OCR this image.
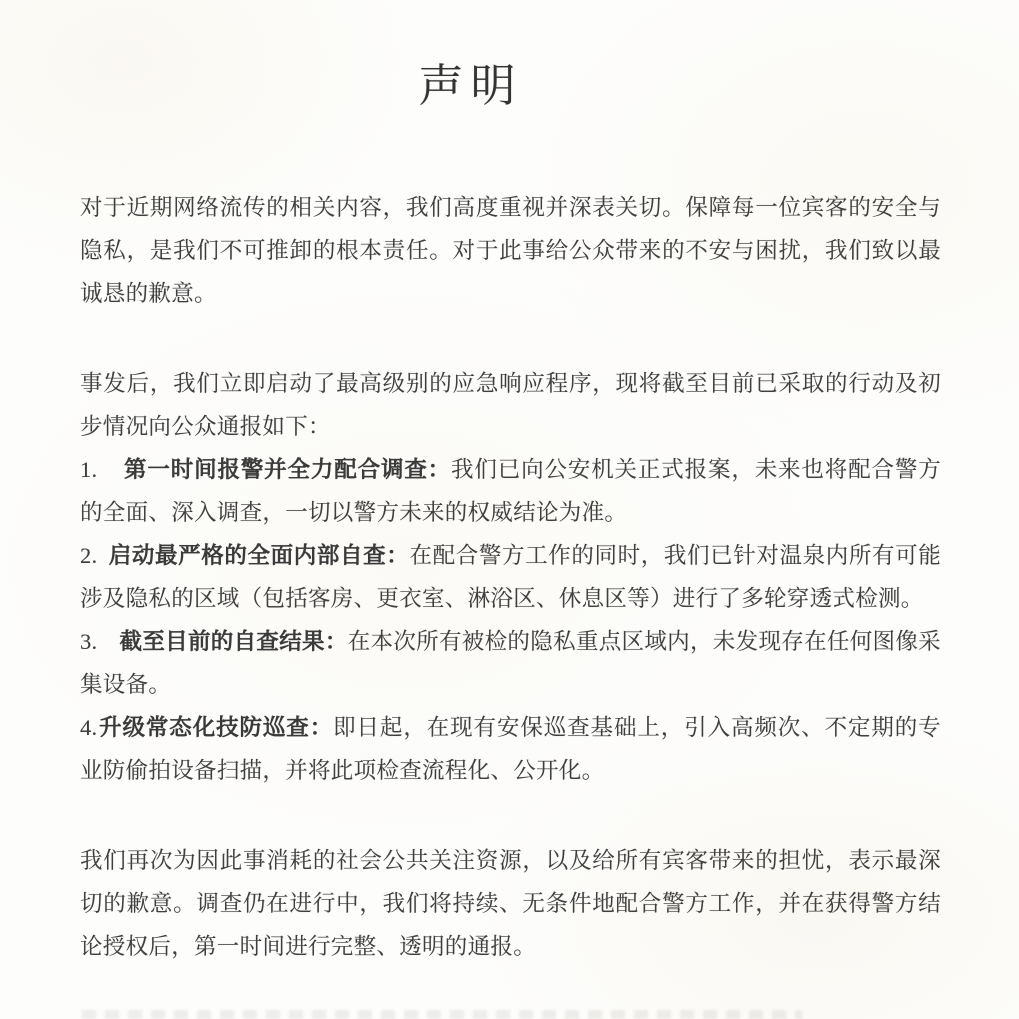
声明

对于近期网络流传的相关内容，我们高度重视并深表关切。保障每一位宾客的安全与隐私，是我们不可推卸的根本责任。对于此事给公众带来的不安与困扰，我们致以最诚恳的歉意。

事发后，我们立即启动了最高级别的应急响应程序，现将截至目前已采取的行动及初步情况向公众通报如下：

1. 第一时间报警并全力配合调查：我们已向公安机关正式报案，未来也将配合警方的全面、深入调查，一切以警方未来的权威结论为准。

2. 启动最严格的全面内部自查：在配合警方工作的同时，我们已针对温泉内所有可能涉及隐私的区域（包括客房、更衣室、淋浴区、休息区等）进行了多轮穿透式检测。

3. 截至目前的自查结果：在本次所有被检的隐私重点区域内，未发现存在任何图像采集设备。

4.升级常态化技防巡查：即日起，在现有安保巡查基础上，引入高频次、不定期的专业防偷拍设备扫描，并将此项检查流程化、公开化。

我们再次为因此事消耗的社会公共关注资源，以及给所有宾客带来的担忧，表示最深切的歉意。调查仍在进行中，我们将持续、无条件地配合警方工作，并在获得警方结论授权后，第一时间进行完整、透明的通报。
